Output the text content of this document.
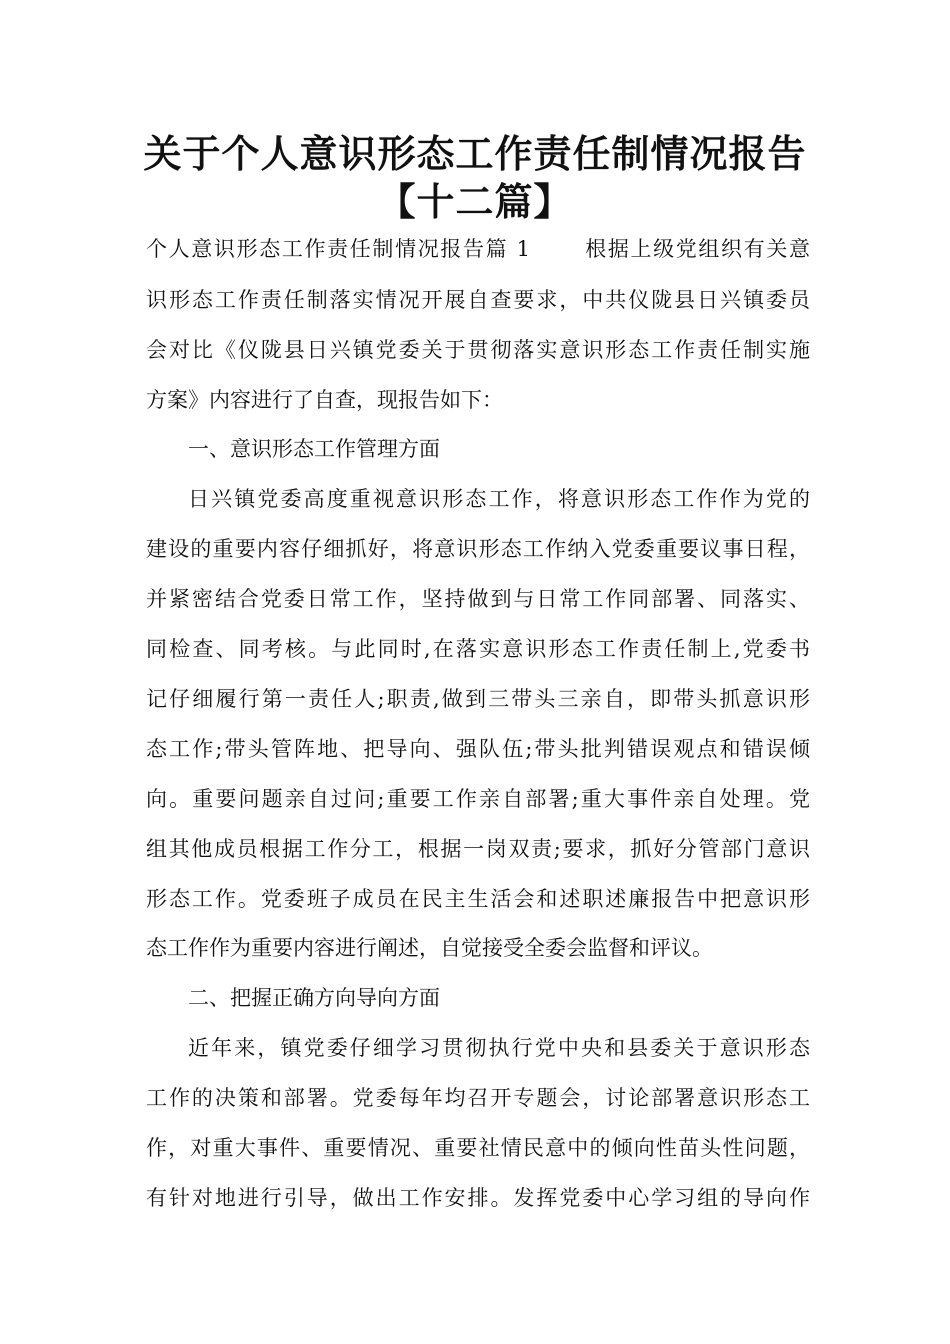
关于个人意识形态工作责任制情况报告
【十二篇】
个人意识形态工作责任制情况报告篇 1　　 根据上级党组织有关意
识形态工作责任制落实情况开展自查要求，中共仪陇县日兴镇委员
会对比《仪陇县日兴镇党委关于贯彻落实意识形态工作责任制实施
方案》内容进行了自查，现报告如下：
一、意识形态工作管理方面
日兴镇党委高度重视意识形态工作，将意识形态工作作为党的
建设的重要内容仔细抓好，将意识形态工作纳入党委重要议事日程，
并紧密结合党委日常工作，坚持做到与日常工作同部署、同落实、
同检查、同考核。与此同时,在落实意识形态工作责任制上,党委书
记仔细履行第一责任人;职责,做到三带头三亲自，即带头抓意识形
态工作;带头管阵地、把导向、强队伍;带头批判错误观点和错误倾
向。重要问题亲自过问;重要工作亲自部署;重大事件亲自处理。党
组其他成员根据工作分工，根据一岗双责;要求，抓好分管部门意识
形态工作。党委班子成员在民主生活会和述职述廉报告中把意识形
态工作作为重要内容进行阐述，自觉接受全委会监督和评议。
二、把握正确方向导向方面
近年来，镇党委仔细学习贯彻执行党中央和县委关于意识形态
工作的决策和部署。党委每年均召开专题会，讨论部署意识形态工
作，对重大事件、重要情况、重要社情民意中的倾向性苗头性问题，
有针对地进行引导，做出工作安排。发挥党委中心学习组的导向作
